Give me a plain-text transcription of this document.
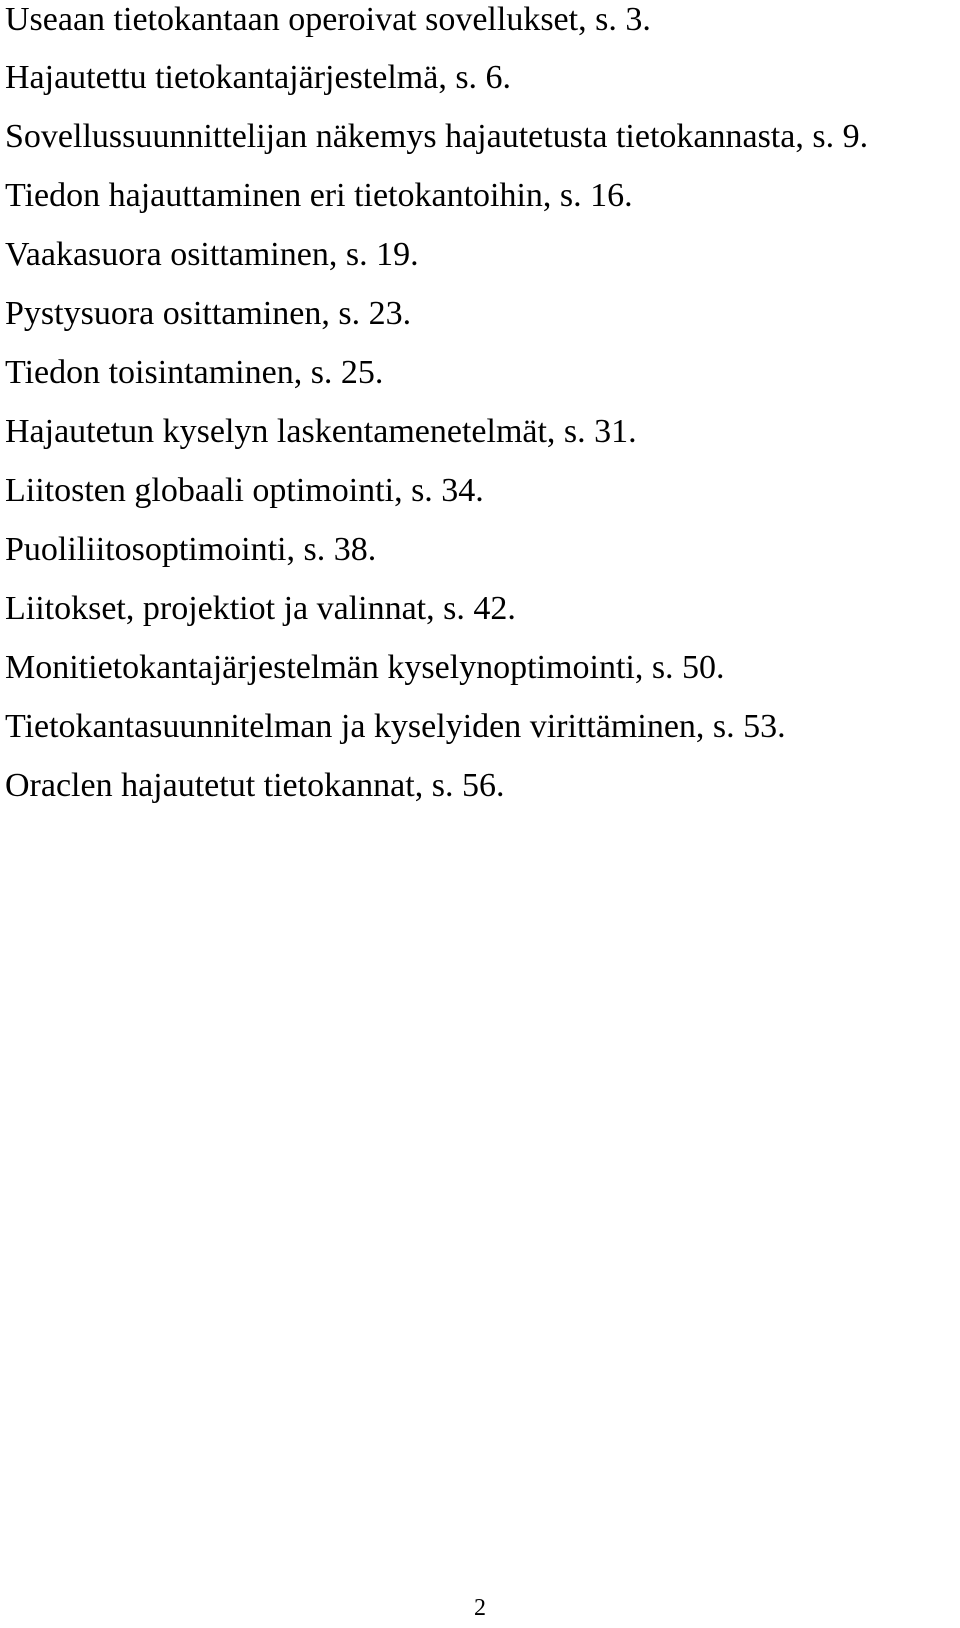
Useaan tietokantaan operoivat sovellukset, s. 3.
Hajautettu tietokantajärjestelmä, s. 6.
Sovellussuunnittelijan näkemys hajautetusta tietokannasta, s. 9.
Tiedon hajauttaminen eri tietokantoihin, s. 16.
Vaakasuora osittaminen, s. 19.
Pystysuora osittaminen, s. 23.
Tiedon toisintaminen, s. 25.
Hajautetun kyselyn laskentamenetelmät, s. 31.
Liitosten globaali optimointi, s. 34.
Puoliliitosoptimointi, s. 38.
Liitokset, projektiot ja valinnat, s. 42.
Monitietokantajärjestelmän kyselynoptimointi, s. 50.
Tietokantasuunnitelman ja kyselyiden virittäminen, s. 53.
Oraclen hajautetut tietokannat, s. 56.
2
